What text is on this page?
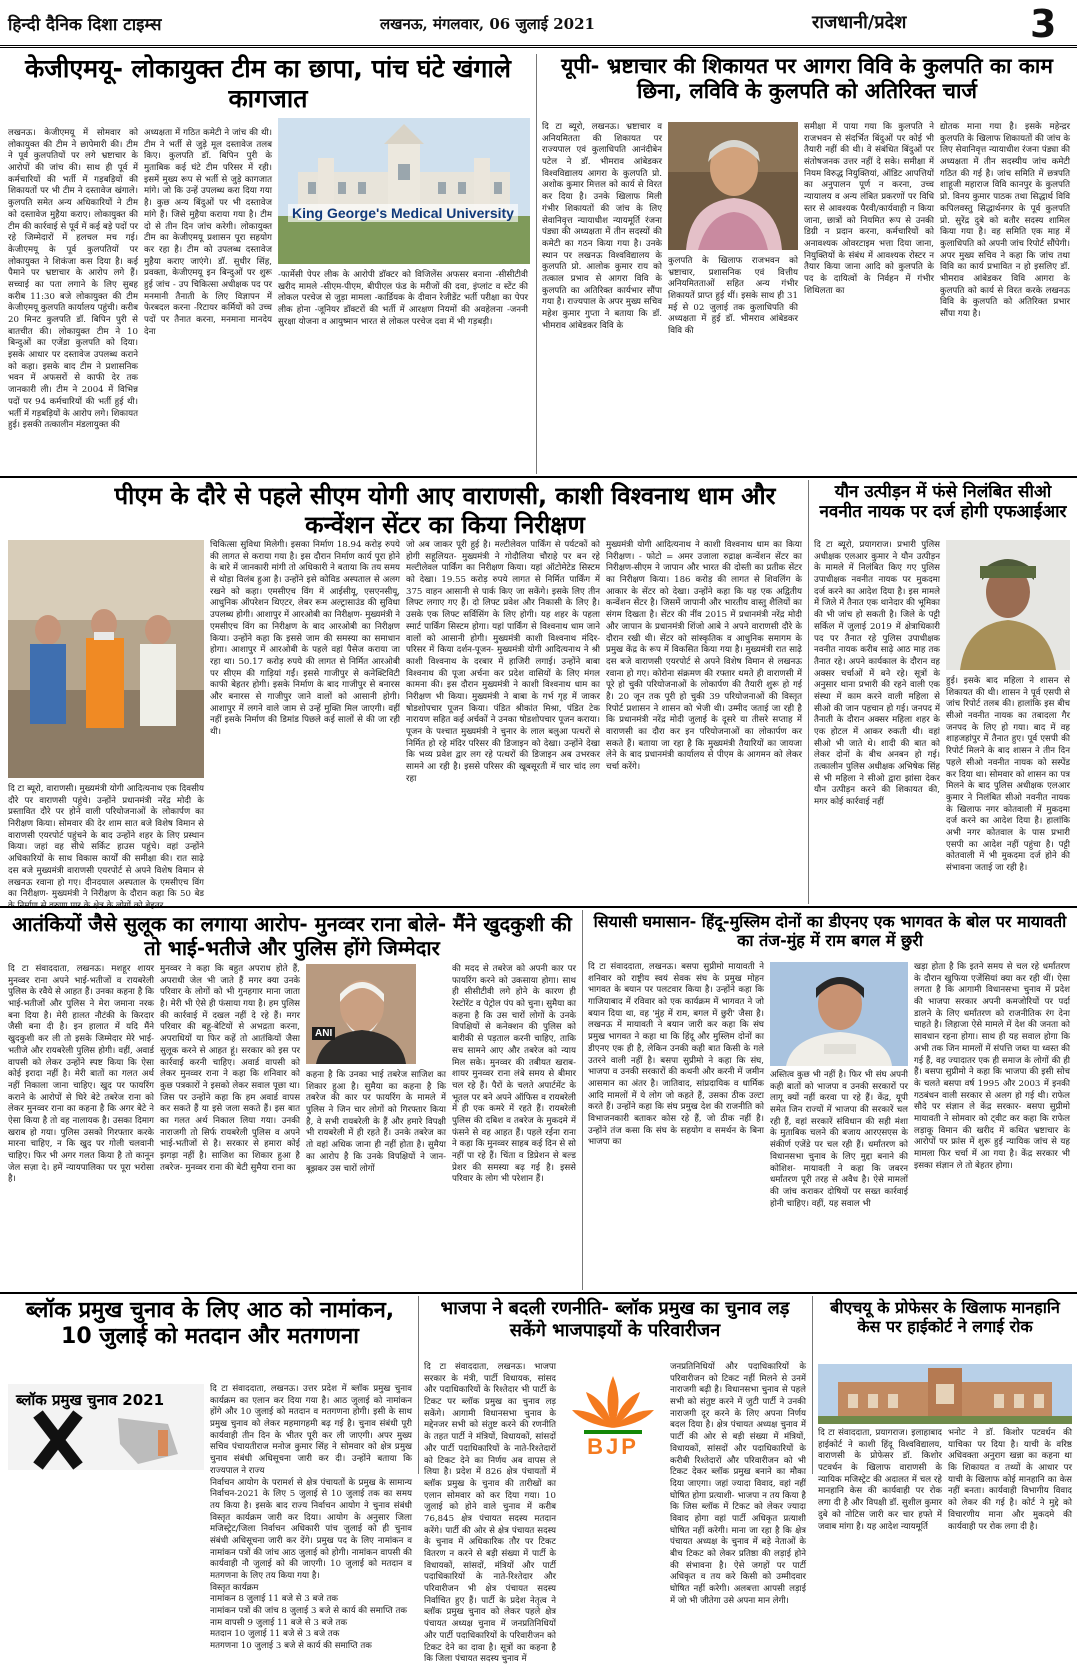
हिन्दी दैनिक दिशा टाइम्स	लखनऊ, मंगलवार, 06 जुलाई 2021	राजधानी/प्रदेश	3
केजीएमयू- लोकायुक्त टीम का छापा, पांच घंटे खंगाले कागजात
King George's Medical University
लखनऊ। केजीएमयू में सोमवार को लोकायुक्त की टीम ने छापेमारी की। टीम ने पूर्व कुलपतियों पर लगे भ्रष्टाचार के आरोपों की जांच की। साथ ही पूर्व में कर्मचारियों की भर्ती में गड़बड़ियों की शिकायतों पर भी टीम ने दस्तावेज खंगाले। कुलपति समेत अन्य अधिकारियों ने टीम को दस्तावेज मुहैया कराए। लोकायुक्त की टीम की कार्रवाई से पूर्व में कई बड़े पदों पर रहे जिम्मेदारों में हलचल मच गई। केजीएमयू के पूर्व कुलपतियों पर लोकायुक्त ने शिकंजा कस दिया है। कई पैमाने पर भ्रष्टाचार के आरोप लगे हैं। सच्चाई का पता लगाने के लिए सुबह करीब 11:30 बजे लोकायुक्त की टीम केजीएमयू कुलपति कार्यालय पहुंची। करीब 20 मिनट कुलपति डॉ. बिपिन पुरी से बातचीत की। लोकायुक्त टीम ने 10 बिन्दुओं का एजेंडा कुलपति को दिया। इसके आधार पर दस्तावेज उपलब्ध कराने को कहा। इसके बाद टीम ने प्रशासनिक भवन में अफसरों से काफी देर तक जानकारी ली। टीम ने 2004 में विभिन्न पदों पर 94 कर्मचारियों की भर्ती हुई थी। भर्ती में गड़बड़ियों के आरोप लगे। शिकायत हुई। इसकी तत्कालीन मंडलायुक्त की
अध्यक्षता में गठित कमेटी ने जांच की थी। टीम ने भर्ती से जुड़े मूल दस्तावेज तलब किए। कुलपति डॉ. बिपिन पुरी के मुताबिक कई घंटे टीम परिसर में रही। इसमें मुख्य रूप से भर्ती से जुड़े कागजात मांगे। जो कि उन्हें उपलब्ध करा दिया गया है। कुछ अन्य बिंदुओं पर भी दस्तावेज मांगे हैं। जिसे मुहैया कराया गया है। टीम दो से तीन दिन जांच करेगी। लोकायुक्त टीम का केजीएमयू प्रशासन पूरा सहयोग कर रहा है। टीम को उपलब्ध दस्तावेज मुहैया कराए जाएंगे। डॉ. सुधीर सिंह, प्रवक्ता, केजीएमयू इन बिन्दुओं पर शुरू हुई जांच - उप चिकित्सा अधीक्षक पद पर मनमानी तैनाती के लिए विज्ञापन में फेरबदल करना -रिटायर कर्मियों को उच्च पदों पर तैनात करना, मनमाना मानदेय देना
-फार्मेसी पेपर लीक के आरोपी डॉक्टर को विजिलेंस अफसर बनाना -सीसीटीवी खरीद मामले -सीएम-पीएम, बीपीएल फंड के मरीजों की दवा, इंप्लांट व स्टेंट की लोकल परचेज से जुड़ा मामला -कार्डियक के दीवान रेजीडेंट भर्ती परीक्षा का पेपर लीक होना -जूनियर डॉक्टरों की भर्ती में आरक्षण नियमों की अवहेलना -जननी सुरक्षा योजना व आयुष्मान भारत से लोकल परचेज दवा में भी गड़बड़ी।
यूपी- भ्रष्टाचार की शिकायत पर आगरा विवि के कुलपति का काम छिना, लविवि के कुलपति को अतिरिक्त चार्ज
दि टा ब्यूरो, लखनऊ। भ्रष्टाचार व अनियमितता की शिकायत पर राज्यपाल एवं कुलाधिपति आनंदीबेन पटेल ने डॉ. भीमराव आंबेडकर विश्वविद्यालय आगरा के कुलपति प्रो. अशोक कुमार मित्तल को कार्य से विरत कर दिया है। उनके खिलाफ मिली गंभीर शिकायतों की जांच के लिए सेवानिवृत्त न्यायाधीश न्यायमूर्ति रंजना पंड्या की अध्यक्षता में तीन सदस्यों की कमेटी का गठन किया गया है। उनके स्थान पर लखनऊ विश्वविद्यालय के कुलपति प्रो. आलोक कुमार राय को तत्काल प्रभाव से आगरा विवि के कुलपति का अतिरिक्त कार्यभार सौंपा गया है। राज्यपाल के अपर मुख्य सचिव महेश कुमार गुप्ता ने बताया कि डॉ. भीमराव आंबेडकर विवि के
कुलपति के खिलाफ राजभवन को भ्रष्टाचार, प्रशासनिक एवं वित्तीय अनियमितताओं सहित अन्य गंभीर शिकायतें प्राप्त हुई थीं। इसके साथ ही 31 मई से 02 जुलाई तक कुलाधिपति की अध्यक्षता में हुई डॉ. भीमराव आंबेडकर विवि की
समीक्षा में पाया गया कि कुलपति ने राजभवन से संदर्भित बिंदुओं पर कोई भी तैयारी नहीं की थी। वे संबंधित बिंदुओं पर संतोषजनक उत्तर नहीं दे सके। समीक्षा में नियम विरुद्ध नियुक्तियां, ऑडिट आपत्तियों का अनुपालन पूर्ण न करना, उच्च न्यायालय व अन्य लंबित प्रकरणों पर विधि स्तर से आवश्यक पैरवी/कार्यवाही न किया जाना, छात्रों को नियमित रूप से उनकी डिग्री न प्रदान करना, कर्मचारियों को अनावश्यक ओवरटाइम भत्ता दिया जाना, नियुक्तियों के संबंध में आवश्यक रोस्टर न तैयार किया जाना आदि को कुलपति के पद के दायित्वों के निर्वहन में गंभीर शिथिलता का
द्योतक माना गया है। इसके महेन्द्रर कुलपति के खिलाफ शिकायतों की जांच के लिए सेवानिवृत्त न्यायाधीश रंजना पंड्या की अध्यक्षता में तीन सदस्यीय जांच कमेटी गठित की गई है। जांच समिति में छत्रपति शाहूजी महाराज विवि कानपुर के कुलपति प्रो. विनय कुमार पाठक तथा सिद्धार्थ विवि कपिलवस्तु सिद्धार्थनगर के पूर्व कुलपति प्रो. सुरेंद्र दुबे को बतौर सदस्य शामिल किया गया है। वह समिति एक माह में कुलाधिपति को अपनी जांच रिपोर्ट सौंपेगी। अपर मुख्य सचिव ने कहा कि जांच तथा विवि का कार्य प्रभावित न हो इसलिए डॉ. भीमराव आंबेडकर विवि आगरा के कुलपति को कार्य से विरत करके लखनऊ विवि के कुलपति को अतिरिक्त प्रभार सौंपा गया है।
पीएम के दौरे से पहले सीएम योगी आए वाराणसी, काशी विश्वनाथ धाम और कन्वेंशन सेंटर का किया निरीक्षण
दि टा ब्यूरो, वाराणसी। मुख्यमंत्री योगी आदित्यनाथ एक दिवसीय दौरे पर वाराणसी पहुंचे। उन्होंने प्रधानमंत्री नरेंद्र मोदी के प्रस्तावित दौरे पर होने वाली परियोजनाओं के लोकार्पण का निरीक्षण किया। सोमवार की देर शाम सात बजे विशेष विमान से वाराणसी एयरपोर्ट पहुंचने के बाद उन्होंने शहर के लिए प्रस्थान किया। जहां वह सीधे सर्किट हाउस पहुंचे। वहां उन्होंने अधिकारियों के साथ विकास कार्यों की समीक्षा की। रात साढ़े दस बजे मुख्यमंत्री वाराणसी एयरपोर्ट से अपने विशेष विमान से लखनऊ रवाना हो गए। दीनदयाल अस्पताल के एमसीएच विंग का निरीक्षण- मुख्यमंत्री ने निरीक्षण के दौरान कहा कि 50 बेड के निर्माण से वरुणा पार के क्षेत्र के लोगों को बेहतर
चिकित्सा सुविधा मिलेगी। इसका निर्माण 18.94 करोड़ रुपये की लागत से कराया गया है। इस दौरान निर्माण कार्य पूरा होने के बारे में जानकारी मांगी तो अधिकारी ने बताया कि तय समय से थोड़ा विलंब हुआ है। उन्होंने इसे कोविड अस्पताल से अलग रखने को कहा। एमसीएच विंग में आईसीयू, एसएनसीयू, आधुनिक ऑपरेशन थिएटर, लेबर रूम अल्ट्रासाउंड की सुविधा उपलब्ध होगी। आशापुर में आरओबी का निरीक्षण- मुख्यमंत्री ने एमसीएच विंग का निरीक्षण के बाद आरओबी का निरीक्षण किया। उन्होंने कहा कि इससे जाम की समस्या का समाधान होगा। आशापुर में आरओबी के पहले वहां पैसेज कराया जा रहा था। 50.17 करोड़ रुपये की लागत से निर्मित आरओबी पर सीएम की गाड़ियां गईं। इससे गाजीपुर से कनेक्टिविटी काफी बेहतर होगी। इसके निर्माण के बाद गाजीपुर से बनारस और बनारस से गाजीपुर जाने वालों को आसानी होगी। आशापुर में लगने वाले जाम से उन्हें मुक्ति मिल जाएगी। वहीं नहीं इसके निर्माण की डिमांड पिछले कई सालों से की जा रही थी।
जो अब जाकर पूरी हुई है। मल्टीलेवल पार्किंग से पर्यटकों को होगी सहूलियत- मुख्यमंत्री ने गोदौलिया चौराहे पर बन रहे मल्टीलेवल पार्किंग का निरीक्षण किया। यहां ऑटोमेटेड सिस्टम को देखा। 19.55 करोड़ रुपये लागत से निर्मित पार्किंग में 375 वाहन आसानी से पार्क किए जा सकेंगे। इसके लिए तीन लिफ्ट लगाए गए हैं। दो लिफ्ट प्रवेश और निकासी के लिए है। उसके एक लिफ्ट सर्विसिंग के लिए होगी। यह शहर के पहला स्मार्ट पार्किंग सिस्टम होगा। यहां पार्किंग से विश्वनाथ धाम जाने वालों को आसानी होगी। मुख्यमंत्री काशी विश्वनाथ मंदिर-परिसर में किया दर्शन-पूजन- मुख्यमंत्री योगी आदित्यनाथ ने श्री काशी विश्वनाथ के दरबार में हाजिरी लगाई। उन्होंने बाबा विश्वनाथ की पूजा अर्चना कर प्रदेश वासियों के लिए मंगल कामना की। इस दौरान मुख्यमंत्री ने काशी विश्वनाथ धाम का निरीक्षण भी किया। मुख्यमंत्री ने बाबा के गर्भ गृह में जाकर षोडशोपचार पूजन किया। पंडित श्रीकांत मिश्रा, पंडित टेक नारायण सहित कई अर्चकों ने उनका षोडशोपचार पूजन कराया। पूजन के पश्चात मुख्यमंत्री ने चुनार के लाल बलुआ पत्थरों से निर्मित हो रहे मंदिर परिसर की डिजाइन को देखा। उन्होंने देखा कि भव्य प्रवेश द्वार लग रहे पत्थरों की डिजाइन अब उभरकर सामने आ रही है। इससे परिसर की खूबसूरती में चार चांद लग रहा
मुख्यमंत्री योगी आदित्यनाथ ने काशी विश्वनाथ धाम का किया निरीक्षण। - फोटो = अमर उजाला रुद्राक्ष कन्वेंशन सेंटर का निरीक्षण-सीएम ने जापान और भारत की दोस्ती का प्रतीक सेंटर का निरीक्षण किया। 186 करोड़ की लागत से शिवलिंग के आकार के सेंटर को देखा। उन्होंने कहा कि यह एक अद्वितीय कन्वेंशन सेंटर है। जिसमें जापानी और भारतीय वास्तु शैलियों का संगम दिखता है। सेंटर की नींव 2015 में प्रधानमंत्री नरेंद्र मोदी और जापान के प्रधानमंत्री शिंजो आबे ने अपने वाराणसी दौरे के दौरान रखी थी। सेंटर को सांस्कृतिक व आधुनिक समागम के प्रमुख केंद्र के रूप में विकसित किया गया है। मुख्यमंत्री रात साढ़े दस बजे वाराणसी एयरपोर्ट से अपने विशेष विमान से लखनऊ रवाना हो गए। कोरोना संक्रमण की रफ्तार थमते ही वाराणसी में पूरे हो चुकी परियोजनाओं के लोकार्पण की तैयारी शुरू हो गई है। 20 जून तक पूरी हो चुकी 39 परियोजनाओं की विस्तृत रिपोर्ट प्रशासन ने शासन को भेजी थी। उम्मीद जताई जा रही है कि प्रधानमंत्री नरेंद्र मोदी जुलाई के दूसरे या तीसरे सप्ताह में वाराणसी का दौरा कर इन परियोजनाओं का लोकार्पण कर सकते हैं। बताया जा रहा है कि मुख्यमंत्री तैयारियों का जायजा लेने के बाद प्रधानमंत्री कार्यालय से पीएम के आगमन को लेकर चर्चा करेंगे।
यौन उत्पीड़न में फंसे निलंबित सीओ नवनीत नायक पर दर्ज होगी एफआईआर
दि टा ब्यूरो, प्रयागराज। प्रभारी पुलिस अधीक्षक एलआर कुमार ने यौन उत्पीड़न के मामले में निलंबित किए गए पुलिस उपाधीक्षक नवनीत नायक पर मुकदमा दर्ज करने का आदेश दिया है। इस मामले में जिले में तैनात एक थानेदार की भूमिका की भी जांच हो सकती है। जिले के पट्टी सर्किल में जुलाई 2019 में क्षेत्राधिकारी पद पर तैनात रहे पुलिस उपाधीक्षक नवनीत नायक करीब साढ़े आठ माह तक तैनात रहे। अपने कार्यकाल के दौरान वह अक्सर चर्चाओं में बने रहे। सूत्रों के अनुसार थाना प्रभारी की रहने वाली एक संस्था में काम करने वाली महिला से सीओ की जान पहचान हो गई। जनपद में तैनाती के दौरान अक्सर महिला शहर के एक होटल में आकर रुकती थी। वहां सीओ भी जाते थे। शादी की बात को लेकर दोनों के बीच अनबन हो गई। तत्कालीन पुलिस अधीक्षक अभिषेक सिंह से भी महिला ने सीओ द्वारा झांसा देकर यौन उत्पीड़न करने की शिकायत की, मगर कोई कार्रवाई नहीं
हुई। इसके बाद महिला ने शासन से शिकायत की थी। शासन ने पूर्व एसपी से जांच रिपोर्ट तलब की। हालांकि इस बीच सीओ नवनीत नायक का तबादला गैर जनपद के लिए हो गया। बाद में वह शाहजहांपुर में तैनात हुए। पूर्व एसपी की रिपोर्ट मिलने के बाद शासन ने तीन दिन पहले सीओ नवनीत नायक को सस्पेंड कर दिया था। सोमवार को शासन का पत्र मिलने के बाद पुलिस अधीक्षक एलआर कुमार ने निलंबित सीओ नवनीत नायक के खिलाफ नगर कोतवाली में मुकदमा दर्ज करने का आदेश दिया है। हालांकि अभी नगर कोतवाल के पास प्रभारी एसपी का आदेश नहीं पहुंचा है। पट्टी कोतवाली में भी मुकदमा दर्ज होने की संभावना जताई जा रही है।
आतंकियों जैसे सुलूक का लगाया आरोप- मुनव्वर राना बोले- मैंने खुदकुशी की तो भाई-भतीजे और पुलिस होंगे जिम्मेदार
ANI
दि टा संवाददाता, लखनऊ। मशहूर शायर मुनव्वर राना अपने भाई-भतीजों व रायबरेली पुलिस के रवैये से आहत हैं। उनका कहना है कि भाई-भतीजों और पुलिस ने मेरा जमाना नरक बना दिया है। मेरी हालत नौटंकी के किरदार जैसी बना दी है। इन हालात में यदि मैंने खुदकुशी कर ली तो इसके जिम्मेदार मेरे भाई-भतीजे और रायबरेली पुलिस होगी। वहीं, अवार्ड वापसी को लेकर उन्होंने स्पष्ट किया कि ऐसा कोई इरादा नहीं है। मेरी बातों का गलत अर्थ नहीं निकाला जाना चाहिए। खुद पर फायरिंग कराने के आरोपों से घिरे बेटे तबरेज राना को लेकर मुनव्वर राना का कहना है कि अगर बेटे ने ऐसा किया है तो वह नालायक है। उसका दिमाग खराब हो गया। पुलिस उसको गिरफ्तार करके मारना चाहिए, न कि खुद पर गोली चलवानी चाहिए। फिर भी अगर गलत किया है तो कानून जेल सज़ा दे। हमें न्यायपालिका पर पूरा भरोसा है।
मुनव्वर ने कहा कि बहुत अपराध होते हैं, अपराधी जेल भी जाते हैं मगर क्या उनके परिवार के लोगों को भी गुनहगार माना जाता है। मेरी भी ऐसे ही फंसाया गया है। हम पुलिस की कार्रवाई में दखल नहीं दे रहे हैं। मगर परिवार की बहू-बेटियों से अभद्रता करना, अपराधियों या फिर कहें तो आतंकियों जैसा सुलूक करने से आहत हूं। सरकार को इस पर कार्रवाई करनी चाहिए। अवार्ड वापसी को लेकर मुनव्वर राना ने कहा कि शनिवार को कुछ पत्रकारों ने इसको लेकर सवाल पूछा था। जिस पर उन्होंने कहा कि हम अवार्ड वापस कर सकते हैं या इसे जला सकते हैं। इस बात का गलत अर्थ निकाल लिया गया। उनकी नाराजगी तो सिर्फ रायबरेली पुलिस व अपने भाई-भतीजों से है। सरकार से हमारा कोई झगड़ा नहीं है। साजिश का शिकार हुआ है तबरेज- मुनव्वर राना की बेटी सुमैया राना का
कहना है कि उनका भाई तबरेज साजिश का शिकार हुआ है। सुमैया का कहना है कि तबरेज की कार पर फायरिंग के मामले में पुलिस ने जिन चार लोगों को गिरफ्तार किया है, वे सभी रायबरेली के हैं और हमारे विपक्षी भी रायबरेली में ही रहते हैं। उनके तबरेज का तो वहां अधिक जाना ही नहीं होता है। सुमैया का आरोप है कि उनके विपक्षियों ने जान-बूझकर उस चारों लोगों
की मदद से तबरेज को अपनी कार पर फायरिंग करने को उकसाया होगा। साथ ही सीसीटीवी लगे होने के कारण ही रेस्टोरेंट व पेट्रोल पंप को चुना। सुमैया का कहना है कि उस चारों लोगों के उनके विपक्षियों से कनेक्शन की पुलिस को बारीकी से पड़ताल करनी चाहिए, ताकि सच सामने आए और तबरेज को न्याय मिल सके। मुनव्वर की तबीयत खराब- शायर मुनव्वर राना लंबे समय से बीमार चल रहे हैं। पैरों के चलते अपार्टमेंट के भूतल पर बने अपने ऑफिस व रायबरेली में ही एक कमरे में रहते हैं। रायबरेली पुलिस की दबिश व तबरेज के मुकदमे में फंसने से वह आहत हैं। पहले रईना राना ने कहा कि मुनव्वर साहब कई दिन से सो नहीं पा रहे हैं। चिंता व डिप्रेशन से बल्ड प्रेशर की समस्या बढ़ गई है। इससे परिवार के लोग भी परेशान हैं।
सियासी घमासान- हिंदू-मुस्लिम दोनों का डीएनए एक भागवत के बोल पर मायावती का तंज-मुंह में राम बगल में छुरी
दि टा संवाददाता, लखनऊ। बसपा सुप्रीमो मायावती ने शनिवार को राष्ट्रीय स्वयं सेवक संघ के प्रमुख मोहन भागवत के बयान पर पलटवार किया है। उन्होंने कहा कि गाजियाबाद में रविवार को एक कार्यक्रम में भागवत ने जो बयान दिया था, वह 'मुंह में राम, बगल में छुरी' जैसा है। लखनऊ में मायावती ने बयान जारी कर कहा कि संघ प्रमुख भागवत ने कहा था कि हिंदू और मुस्लिम दोनों का डीएनए एक ही है, लेकिन उनकी कही बात किसी के गले उतरने वाली नहीं है। बसपा सुप्रीमो ने कहा कि संघ, भाजपा व उनकी सरकारों की कथनी और करनी में जमीन आसमान का अंतर है। जातिवाद, सांप्रदायिक व धार्मिक आदि मामलों में ये लोग जो कहते हैं, उसका ठीक उल्टा करते हैं। उन्होंने कहा कि संघ प्रमुख देश की राजनीति को विभाजनकारी बताकर कोस रहे हैं, जो ठीक नहीं है। उन्होंने तंज कसा कि संघ के सहयोग व समर्थन के बिना भाजपा का
अस्तित्व कुछ भी नहीं है। फिर भी संघ अपनी कही बातों को भाजपा व उनकी सरकारों पर लागू क्यों नहीं करवा पा रहे हैं। केंद्र, यूपी समेत जिन राज्यों में भाजपा की सरकारें चल रही हैं, वहां सरकारें संविधान की सही मंशा के मुताबिक चलने की बजाय आरएसएस के संकीर्ण एजेंडे पर चल रही हैं। धर्मांतरण को विधानसभा चुनाव के लिए मुद्दा बनाने की कोशिश- मायावती ने कहा कि जबरन धर्मांतरण पूरी तरह से अवैध है। ऐसे मामलों की जांच कराकर दोषियों पर सख्त कार्रवाई होनी चाहिए। वहीं, यह सवाल भी
खड़ा होता है कि इतने समय से चल रहे धर्मांतरण के दौरान खुफिया एजेंसियां क्या कर रही थीं। ऐसा लगता है कि आगामी विधानसभा चुनाव में प्रदेश की भाजपा सरकार अपनी कमजोरियों पर पर्दा डालने के लिए धर्मांतरण को राजनीतिक रंग देना चाहते है। लिहाजा ऐसे मामले में देश की जनता को सावधान रहना होगा। साथ ही यह सवाल होगा कि अभी तक जिन मामलों में संपत्ति जब्त या ध्वस्त की गई हैं, वह ज्यादातर एक ही समाज के लोगों की ही हैं। बसपा सुप्रीमो ने कहा कि भाजपा की इसी सोच के चलते बसपा वर्ष 1995 और 2003 में इनकी गठबंधन वाली सरकार से अलग हो गई थी। राफेल सौदे पर संज्ञान ले केंद्र सरकार- बसपा सुप्रीमो मायावती ने सोमवार को ट्वीट कर कहा कि राफेल लड़ाकू विमान की खरीद में कथित भ्रष्टाचार के आरोपों पर फ्रांस में शुरू हुई न्यायिक जांच से यह मामला फिर चर्चा में आ गया है। केंद्र सरकार भी इसका संज्ञान ले तो बेहतर होगा।
ब्लॉक प्रमुख चुनाव के लिए आठ को नामांकन, 10 जुलाई को मतदान और मतगणना
ब्लॉक प्रमुख चुनाव 2021
दि टा संवाददाता, लखनऊ। उत्तर प्रदेश में ब्लॉक प्रमुख चुनाव कार्यक्रम का एलान कर दिया गया है। आठ जुलाई को नामांकन होंगे और 10 जुलाई को मतदान व मतगणना होगी। इसी के साथ प्रमुख चुनाव को लेकर महमागहमी बढ़ गई है। चुनाव संबंधी पूरी कार्यवाही तीन दिन के भीतर पूरी कर ली जाएगी। अपर मुख्य सचिव पंचायतीराज मनोज कुमार सिंह ने सोमवार को क्षेत्र प्रमुख चुनाव संबंधी अधिसूचना जारी कर दी। उन्होंने बताया कि राज्यपाल ने राज्य
निर्वाचन आयोग के परामर्श से क्षेत्र पंचायतों के प्रमुख के सामान्य निर्वाचन-2021 के लिए 5 जुलाई से 10 जुलाई तक का समय तय किया है। इसके बाद राज्य निर्वाचन आयोग ने चुनाव संबंधी विस्तृत कार्यक्रम जारी कर दिया। आयोग के अनुसार जिला मजिस्ट्रेट/जिला निर्वाचन अधिकारी पांच जुलाई को ही चुनाव संबंधी अधिसूचना जारी कर देंगे। प्रमुख पद के लिए नामांकन व नामांकन पत्रों की जांच आठ जुलाई को होगी। नामांकन वापसी की कार्यवाही नौ जुलाई को की जाएगी। 10 जुलाई को मतदान व मतगणना के लिए तय किया गया है।
विस्तृत कार्यक्रम
नामांकन 8 जुलाई 11 बजे से 3 बजे तक
नामांकन पत्रों की जांच 8 जुलाई 3 बजे से कार्य की समाप्ति तक
नाम वापसी 9 जुलाई 11 बजे से 3 बजे तक
मतदान 10 जुलाई 11 बजे से 3 बजे तक
मतगणना 10 जुलाई 3 बजे से कार्य की समाप्ति तक
भाजपा ने बदली रणनीति- ब्लॉक प्रमुख का चुनाव लड़ सकेंगे भाजपाइयों के परिवारीजन
BJP
दि टा संवाददाता, लखनऊ। भाजपा सरकार के मंत्री, पार्टी विधायक, सांसद और पदाधिकारियों के रिश्तेदार भी पार्टी के टिकट पर ब्लॉक प्रमुख का चुनाव लड़ सकेंगे। आगामी विधानसभा चुनाव के मद्देनजर सभी को संतुष्ट करने की रणनीति के तहत पार्टी ने मंत्रियों, विधायकों, सांसदों और पार्टी पदाधिकारियों के नाते-रिश्तेदारों को टिकट देने का निर्णय अब वापस ले लिया है। प्रदेश में 826 क्षेत्र पंचायतों में ब्लॉक प्रमुख के चुनाव की तारीखों का एलान सोमवार को कर दिया गया। 10 जुलाई को होने वाले चुनाव में करीब 76,845 क्षेत्र पंचायत सदस्य मतदान करेंगे। पार्टी की ओर से क्षेत्र पंचायत सदस्य के चुनाव में अधिकारिक तौर पर टिकट वितरण न करने से बड़ी संख्या में पार्टी के विधायकों, सांसदों, मंत्रियों और पार्टी पदाधिकारियों के नाते-रिश्तेदार और परिवारीजन भी क्षेत्र पंचायत सदस्य निर्वाचित हुए हैं। पार्टी के प्रदेश नेतृत्व ने ब्लॉक प्रमुख चुनाव को लेकर पहले क्षेत्र पंचायत अध्यक्ष चुनाव में जनप्रतिनिधियों और पार्टी पदाधिकारियों के परिवारीजन को टिकट देने का दावा है। सूत्रों का कहना है कि जिला पंचायत सदस्य चुनाव में
जनप्रतिनिधियों और पदाधिकारियों के परिवारीजन को टिकट नहीं मिलने से उनमें नाराजगी बढ़ी है। विधानसभा चुनाव से पहले सभी को संतुष्ट करने में जुटी पार्टी ने उनकी नाराजगी दूर करने के लिए अपना निर्णय बदल दिया है। क्षेत्र पंचायत अध्यक्ष चुनाव में पार्टी की ओर से बड़ी संख्या में मंत्रियों, विधायकों, सांसदों और पदाधिकारियों के करीबी रिश्तेदारों और परिवारीजन को भी टिकट देकर ब्लॉक प्रमुख बनाने का मौका दिया जाएगा। जहां ज्यादा विवाद, वहां नहीं घोषित होगा प्रत्याशी- भाजपा न तय किया है कि जिस ब्लॉक में टिकट को लेकर ज्यादा विवाद होगा वहां पार्टी अधिकृत प्रत्याशी घोषित नहीं करेगी। माना जा रहा है कि क्षेत्र पंचायत अध्यक्ष के चुनाव में बड़े नेताओं के बीच टिकट को लेकर प्रतिष्ठा की लड़ाई होने की संभावना है। ऐसे जगहों पर पार्टी अधिकृत व तय करे किसी को उम्मीदवार घोषित नहीं करेगी। अलबत्ता आपसी लड़ाई में जो भी जीतेगा उसे अपना मान लेगी।
बीएचयू के प्रोफेसर के खिलाफ मानहानि केस पर हाईकोर्ट ने लगाई रोक
दि टा संवाददाता, प्रयागराज। इलाहाबाद हाईकोर्ट ने काशी हिंदू विश्वविद्यालय, वाराणसी के प्रोफेसर डॉ. किशोर पटवर्धन के खिलाफ वाराणसी के न्यायिक मजिस्ट्रेट की अदालत में चल रहे मानहानि केस की कार्यवाही पर रोक लगा दी है और विपक्षी डॉ. सुशील कुमार दुबे को नोटिस जारी कर चार हफ्ते में जवाब मांगा है। यह आदेश न्यायमूर्ति
भनोट ने डॉ. किशोर पटवर्धन की याचिका पर दिया है। याची के वरिष्ठ अधिवक्ता अनुराग खन्ना का कहना था कि शिकायत व तथ्यों के आधार पर याची के खिलाफ कोई मानहानि का केस नहीं बनता। कार्यवाही विभागीय विवाद को लेकर की गई है। कोर्ट ने मुद्दे को विचारणीय माना और मुकदमे की कार्यवाही पर रोक लगा दी है।
